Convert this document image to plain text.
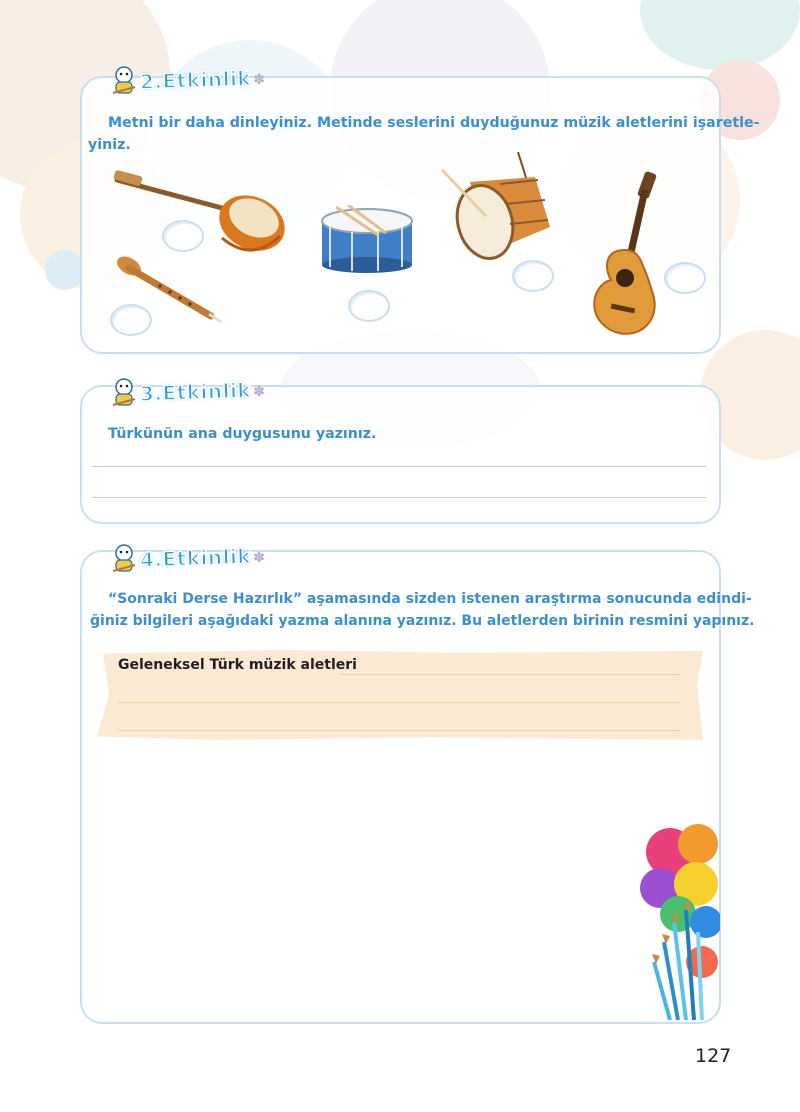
2.Etkinlik ✽
Metni bir daha dinleyiniz. Metinde seslerini duyduğunuz müzik aletlerini işaretle-
yiniz.
3.Etkinlik ✽
Türkünün ana duygusunu yazınız.
4.Etkinlik ✽
“Sonraki Derse Hazırlık” aşamasında sizden istenen araştırma sonucunda edindi-
ğiniz bilgileri aşağıdaki yazma alanına yazınız. Bu aletlerden birinin resmini yapınız.
Geleneksel Türk müzik aletleri
127
